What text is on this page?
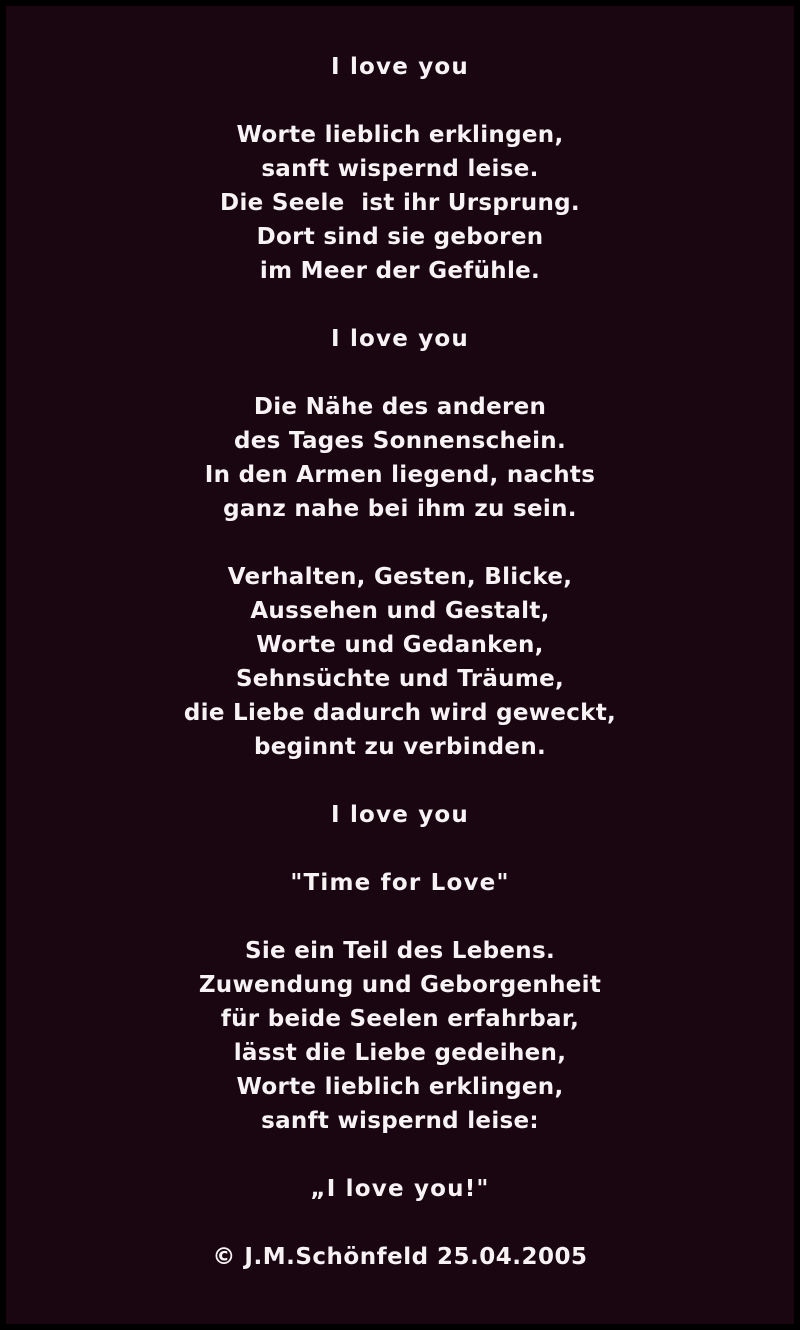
I love you
Worte lieblich erklingen,
sanft wispernd leise.
Die Seele  ist ihr Ursprung.
Dort sind sie geboren
im Meer der Gefühle.
I love you
Die Nähe des anderen
des Tages Sonnenschein.
In den Armen liegend, nachts
ganz nahe bei ihm zu sein.
Verhalten, Gesten, Blicke,
Aussehen und Gestalt,
Worte und Gedanken,
Sehnsüchte und Träume,
die Liebe dadurch wird geweckt,
beginnt zu verbinden.
I love you
"Time for Love"
Sie ein Teil des Lebens.
Zuwendung und Geborgenheit
für beide Seelen erfahrbar,
lässt die Liebe gedeihen,
Worte lieblich erklingen,
sanft wispernd leise:
„I love you!"
© J.M.Schönfeld 25.04.2005
